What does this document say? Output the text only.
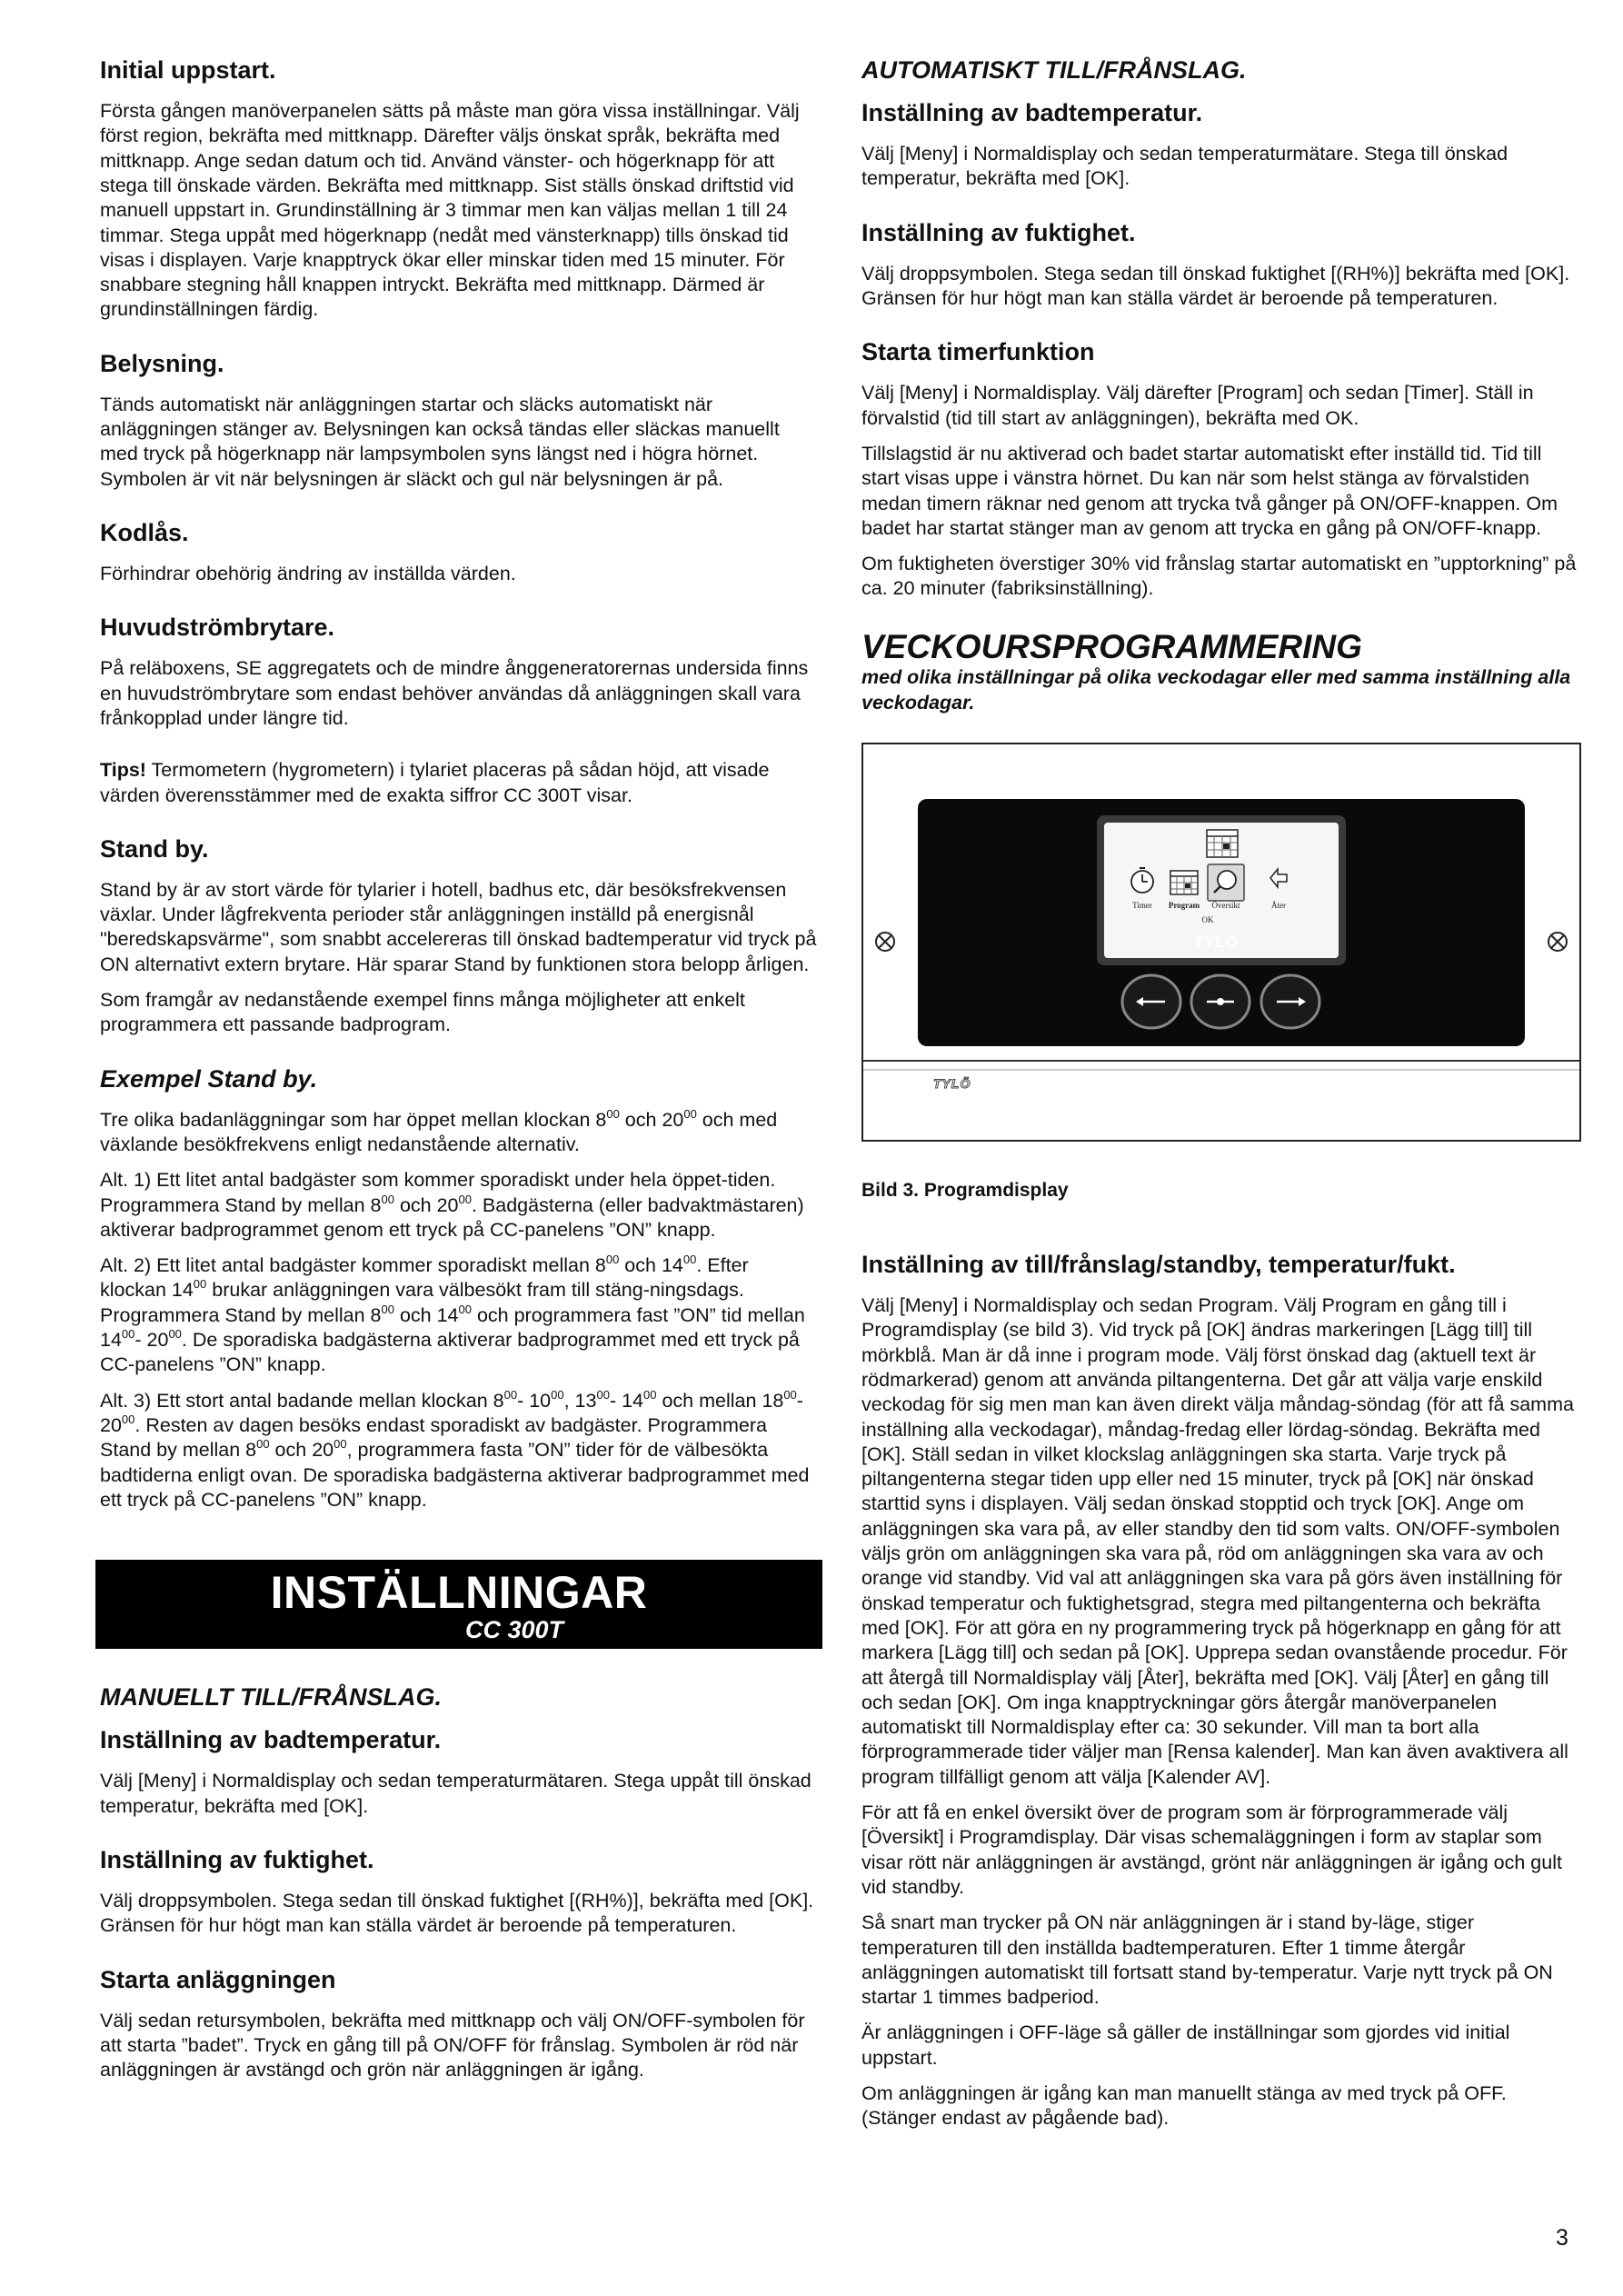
Initial uppstart.

Första gången manöverpanelen sätts på måste man göra vissa inställningar. Välj först region, bekräfta med mittknapp. Därefter väljs önskat språk, bekräfta med mittknapp. Ange sedan datum och tid. Använd vänster- och högerknapp för att stega till önskade värden. Bekräfta med mittknapp. Sist ställs önskad driftstid vid manuell uppstart in. Grundinställning är 3 timmar men kan väljas mellan 1 till 24 timmar. Stega uppåt med högerknapp (nedåt med vänsterknapp) tills önskad tid visas i displayen. Varje knapptryck ökar eller minskar tiden med 15 minuter. För snabbare stegning håll knappen intryckt. Bekräfta med mittknapp. Därmed är grundinställningen färdig.

Belysning.

Tänds automatiskt när anläggningen startar och släcks automatiskt när anläggningen stänger av. Belysningen kan också tändas eller släckas manuellt med tryck på högerknapp när lampsymbolen syns längst ned i högra hörnet. Symbolen är vit när belysningen är släckt och gul när belysningen är på.

Kodlås.

Förhindrar obehörig ändring av inställda värden.

Huvudströmbrytare.

På reläboxens, SE aggregatets och de mindre ånggeneratorernas undersida finns en huvudströmbrytare som endast behöver användas då anläggningen skall vara frånkopplad under längre tid.

Tips! Termometern (hygrometern) i tylariet placeras på sådan höjd, att visade värden överensstämmer med de exakta siffror CC 300T visar.

Stand by.

Stand by är av stort värde för tylarier i hotell, badhus etc, där besöksfrekvensen växlar. Under lågfrekventa perioder står anläggningen inställd på energisnål "beredskapsvärme", som snabbt accelereras till önskad badtemperatur vid tryck på ON alternativt extern brytare. Här sparar Stand by funktionen stora belopp årligen.

Som framgår av nedanstående exempel finns många möjligheter att enkelt programmera ett passande badprogram.

Exempel Stand by.

Tre olika badanläggningar som har öppet mellan klockan $8^{00}$ och $20^{00}$ och med växlande besökfrekvens enligt nedanstående alternativ.

Alt. 1) Ett litet antal badgäster som kommer sporadiskt under hela öppet-tiden. Programmera Stand by mellan $8^{00}$ och $20^{00}$. Badgästerna (eller badvaktmästaren) aktiverar badprogrammet genom ett tryck på CC-panelens ”ON” knapp.

Alt. 2) Ett litet antal badgäster kommer sporadiskt mellan $8^{00}$ och $14^{00}$. Efter klockan $14^{00}$ brukar anläggningen vara välbesökt fram till stäng-ningsdags. Programmera Stand by mellan $8^{00}$ och $14^{00}$ och programmera fast ”ON” tid mellan $14^{00}-$ $20^{00}$. De sporadiska badgästerna aktiverar badprogrammet med ett tryck på CC-panelens ”ON” knapp.

Alt. 3) Ett stort antal badande mellan klockan $8^{00}-$ $10^{00}$, $13^{00}-$ $14^{00}$ och mellan $18^{00}-$ $20^{00}$. Resten av dagen besöks endast sporadiskt av badgäster. Programmera Stand by mellan $8^{00}$ och $20^{00}$, programmera fasta ”ON” tider för de välbesökta badtiderna enligt ovan. De sporadiska badgästerna aktiverar badprogrammet med ett tryck på CC-panelens ”ON” knapp.

INSTÄLLNINGAR
CC 300T
MANUELLT TILL/FRÅNSLAG.
Inställning av badtemperatur.

Välj [Meny] i Normaldisplay och sedan temperaturmätaren. Stega uppåt till önskad temperatur, bekräfta med [OK].

Inställning av fuktighet.

Välj droppsymbolen. Stega sedan till önskad fuktighet [(RH%)], bekräfta med [OK]. Gränsen för hur högt man kan ställa värdet är beroende på temperaturen.

Starta anläggningen

Välj sedan retursymbolen, bekräfta med mittknapp och välj ON/OFF-symbolen för att starta ”badet”. Tryck en gång till på ON/OFF för frånslag. Symbolen är röd när anläggningen är avstängd och grön när anläggningen är igång.

AUTOMATISKT TILL/FRÅNSLAG.
Inställning av badtemperatur.

Välj [Meny] i Normaldisplay och sedan temperaturmätare. Stega till önskad temperatur, bekräfta med [OK].

Inställning av fuktighet.

Välj droppsymbolen. Stega sedan till önskad fuktighet [(RH%)] bekräfta med [OK]. Gränsen för hur högt man kan ställa värdet är beroende på temperaturen.

Starta timerfunktion

Välj [Meny] i Normaldisplay. Välj därefter [Program] och sedan [Timer]. Ställ in förvalstid (tid till start av anläggningen), bekräfta med OK.

Tillslagstid är nu aktiverad och badet startar automatiskt efter inställd tid. Tid till start visas uppe i vänstra hörnet. Du kan när som helst stänga av förvalstiden medan timern räknar ned genom att trycka två gånger på ON/OFF-knappen. Om badet har startat stänger man av genom att trycka en gång på ON/OFF-knapp.

Om fuktigheten överstiger 30% vid frånslag startar automatiskt en ”upptorkning” på ca. 20 minuter (fabriksinställning).

VECKOURSPROGRAMMERING

med olika inställningar på olika veckodagar eller med samma inställning alla veckodagar.

Timer Program Översikt	Åter
OK
TYLÖ
TYLÖ

Bild 3. Programdisplay

Inställning av till/frånslag/standby, temperatur/fukt.

Välj [Meny] i Normaldisplay och sedan Program. Välj Program en gång till i Programdisplay (se bild 3). Vid tryck på [OK] ändras markeringen [Lägg till] till mörkblå. Man är då inne i program mode. Välj först önskad dag (aktuell text är rödmarkerad) genom att använda piltangenterna. Det går att välja varje enskild veckodag för sig men man kan även direkt välja måndag-söndag (för att få samma inställning alla veckodagar), måndag-fredag eller lördag-söndag. Bekräfta med [OK]. Ställ sedan in vilket klockslag anläggningen ska starta. Varje tryck på piltangenterna stegar tiden upp eller ned 15 minuter, tryck på [OK] när önskad starttid syns i displayen. Välj sedan önskad stopptid och tryck [OK]. Ange om anläggningen ska vara på, av eller standby den tid som valts. ON/OFF-symbolen väljs grön om anläggningen ska vara på, röd om anläggningen ska vara av och orange vid standby. Vid val att anläggningen ska vara på görs även inställning för önskad temperatur och fuktighetsgrad, stegra med piltangenterna och bekräfta med [OK]. För att göra en ny programmering tryck på högerknapp en gång för att markera [Lägg till] och sedan på [OK]. Upprepa sedan ovanstående procedur. För att återgå till Normaldisplay välj [Åter], bekräfta med [OK]. Välj [Åter] en gång till och sedan [OK]. Om inga knapptryckningar görs återgår manöverpanelen automatiskt till Normaldisplay efter ca: 30 sekunder. Vill man ta bort alla förprogrammerade tider väljer man [Rensa kalender]. Man kan även avaktivera all program tillfälligt genom att välja [Kalender AV].

För att få en enkel översikt över de program som är förprogrammerade välj [Översikt] i Programdisplay. Där visas schemaläggningen i form av staplar som visar rött när anläggningen är avstängd, grönt när anläggningen är igång och gult vid standby.

Så snart man trycker på ON när anläggningen är i stand by-läge, stiger temperaturen till den inställda badtemperaturen. Efter 1 timme återgår anläggningen automatiskt till fortsatt stand by-temperatur. Varje nytt tryck på ON startar 1 timmes badperiod.

Är anläggningen i OFF-läge så gäller de inställningar som gjordes vid initial uppstart.

Om anläggningen är igång kan man manuellt stänga av med tryck på OFF. (Stänger endast av pågående bad).

3
